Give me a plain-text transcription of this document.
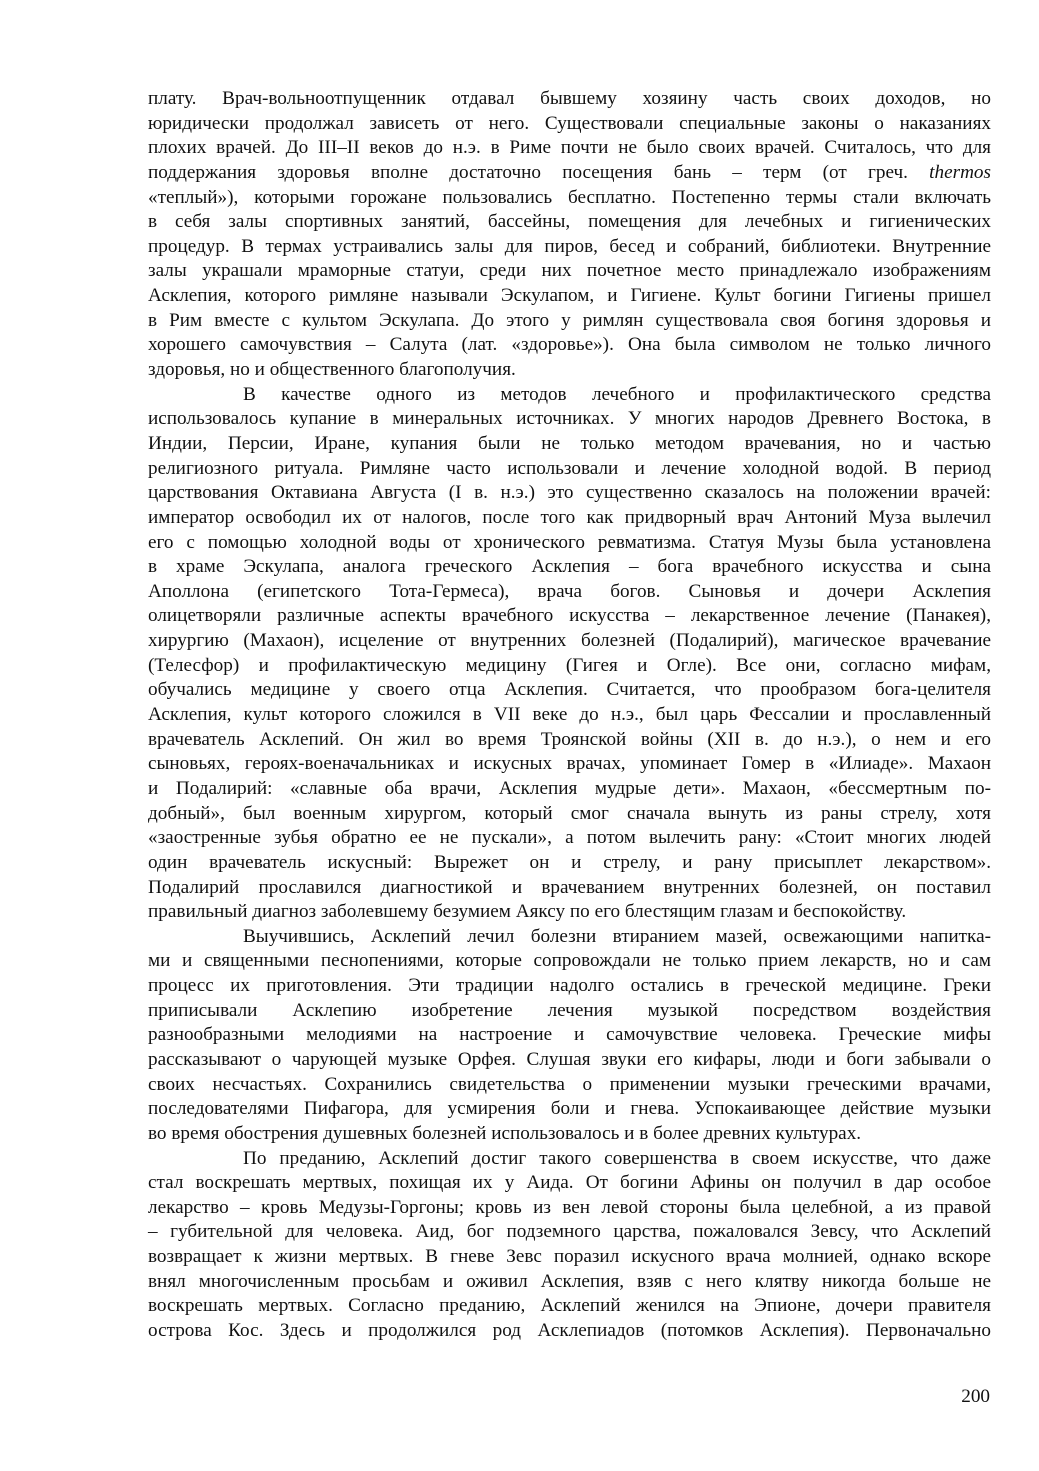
плату. Врач-вольноотпущенник отдавал бывшему хозяину часть своих доходов, но
юридически продолжал зависеть от него. Существовали специальные законы о наказаниях
плохих врачей. До III–II веков до н.э. в Риме почти не было своих врачей. Считалось, что для
поддержания здоровья вполне достаточно посещения бань – терм (от греч. thermos
«теплый»), которыми горожане пользовались бесплатно. Постепенно термы стали включать
в себя залы спортивных занятий, бассейны, помещения для лечебных и гигиенических
процедур. В термах устраивались залы для пиров, бесед и собраний, библиотеки. Внутренние
залы украшали мраморные статуи, среди них почетное место принадлежало изображениям
Асклепия, которого римляне называли Эскулапом, и Гигиене. Культ богини Гигиены пришел
в Рим вместе с культом Эскулапа. До этого у римлян существовала своя богиня здоровья и
хорошего самочувствия – Салута (лат. «здоровье»). Она была символом не только личного
здоровья, но и общественного благополучия.
В качестве одного из методов лечебного и профилактического средства
использовалось купание в минеральных источниках. У многих народов Древнего Востока, в
Индии, Персии, Иране, купания были не только методом врачевания, но и частью
религиозного ритуала. Римляне часто использовали и лечение холодной водой. В период
царствования Октавиана Августа (I в. н.э.) это существенно сказалось на положении врачей:
император освободил их от налогов, после того как придворный врач Антоний Муза вылечил
его с помощью холодной воды от хронического ревматизма. Статуя Музы была установлена
в храме Эскулапа, аналога греческого Асклепия – бога врачебного искусства и сына
Аполлона (египетского Тота-Гермеса), врача богов. Сыновья и дочери Асклепия
олицетворяли различные аспекты врачебного искусства – лекарственное лечение (Панакея),
хирургию (Махаон), исцеление от внутренних болезней (Подалирий), магическое врачевание
(Телесфор) и профилактическую медицину (Гигея и Огле). Все они, согласно мифам,
обучались медицине у своего отца Асклепия. Считается, что прообразом бога-целителя
Асклепия, культ которого сложился в VII веке до н.э., был царь Фессалии и прославленный
врачеватель Асклепий. Он жил во время Троянской войны (XII в. до н.э.), о нем и его
сыновьях, героях-военачальниках и искусных врачах, упоминает Гомер в «Илиаде». Махаон
и Подалирий: «славные оба врачи, Асклепия мудрые дети». Махаон, «бессмертным по-
добный», был военным хирургом, который смог сначала вынуть из раны стрелу, хотя
«заостренные зубья обратно ее не пускали», а потом вылечить рану: «Стоит многих людей
один врачеватель искусный: Вырежет он и стрелу, и рану присыплет лекарством».
Подалирий прославился диагностикой и врачеванием внутренних болезней, он поставил
правильный диагноз заболевшему безумием Аяксу по его блестящим глазам и беспокойству.
Выучившись, Асклепий лечил болезни втиранием мазей, освежающими напитка-
ми и священными песнопениями, которые сопровождали не только прием лекарств, но и сам
процесс их приготовления. Эти традиции надолго остались в греческой медицине. Греки
приписывали Асклепию изобретение лечения музыкой посредством воздействия
разнообразными мелодиями на настроение и самочувствие человека. Греческие мифы
рассказывают о чарующей музыке Орфея. Слушая звуки его кифары, люди и боги забывали о
своих несчастьях. Сохранились свидетельства о применении музыки греческими врачами,
последователями Пифагора, для усмирения боли и гнева. Успокаивающее действие музыки
во время обострения душевных болезней использовалось и в более древних культурах.
По преданию, Асклепий достиг такого совершенства в своем искусстве, что даже
стал воскрешать мертвых, похищая их у Аида. От богини Афины он получил в дар особое
лекарство – кровь Медузы-Горгоны; кровь из вен левой стороны была целебной, а из правой
– губительной для человека. Аид, бог подземного царства, пожаловался Зевсу, что Асклепий
возвращает к жизни мертвых. В гневе Зевс поразил искусного врача молнией, однако вскоре
внял многочисленным просьбам и оживил Асклепия, взяв с него клятву никогда больше не
воскрешать мертвых. Согласно преданию, Асклепий женился на Эпионе, дочери правителя
острова Кос. Здесь и продолжился род Асклепиадов (потомков Асклепия). Первоначально
200
